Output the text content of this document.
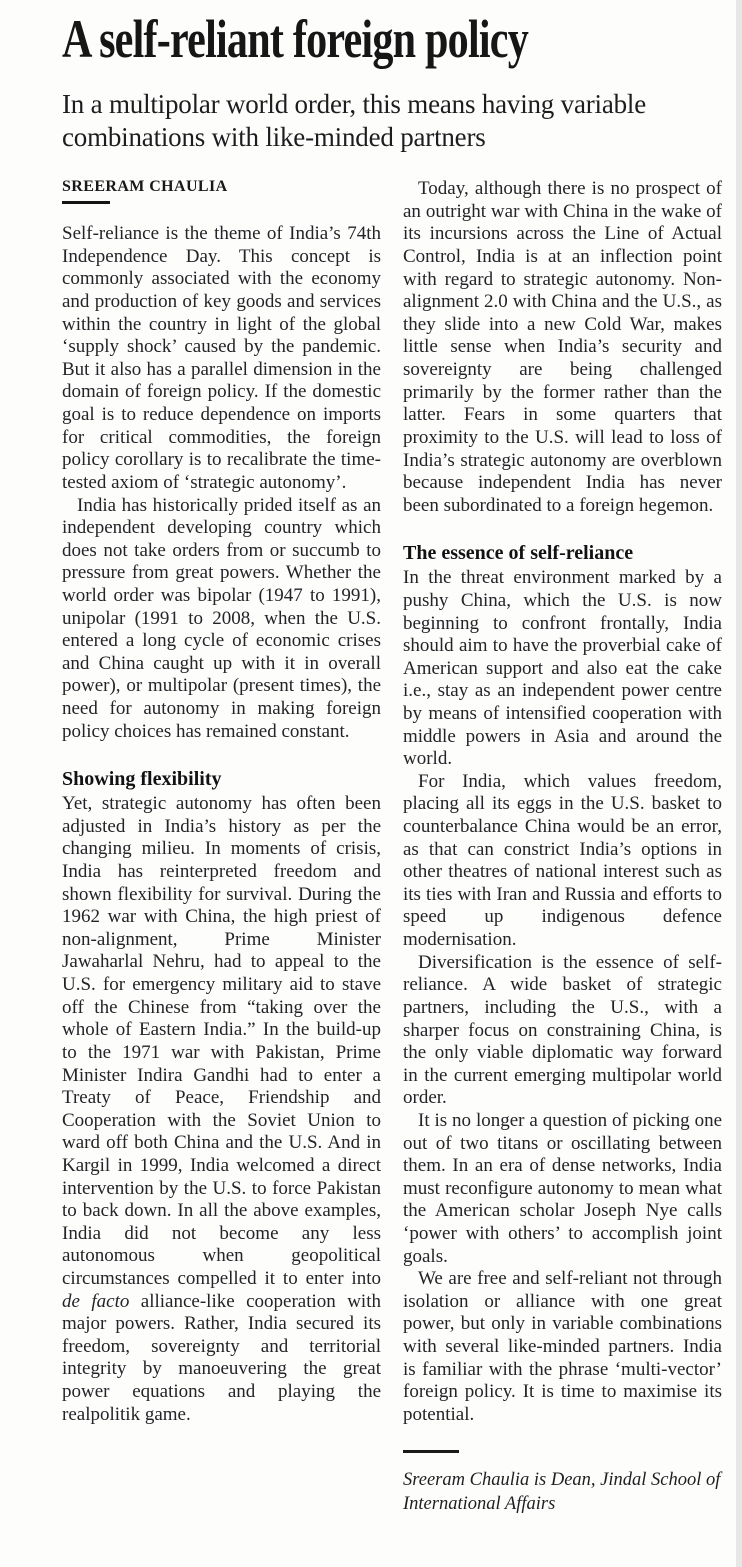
A self-reliant foreign policy
In a multipolar world order, this means having variable combinations with like-minded partners
SREERAM CHAULIA

Self-reliance is the theme of India’s 74th Independence Day. This concept is commonly associated with the economy and production of key goods and services within the country in light of the global ‘supply shock’ caused by the pandemic. But it also has a parallel dimension in the domain of foreign policy. If the domestic goal is to reduce dependence on imports for critical commodities, the foreign policy corollary is to recalibrate the time-tested axiom of ‘strategic autonomy’.

India has historically prided itself as an independent developing country which does not take orders from or succumb to pressure from great powers. Whether the world order was bipolar (1947 to 1991), unipolar (1991 to 2008, when the U.S. entered a long cycle of economic crises and China caught up with it in overall power), or multipolar (present times), the need for autonomy in making foreign policy choices has remained constant.

Showing flexibility

Yet, strategic autonomy has often been adjusted in India’s history as per the changing milieu. In moments of crisis, India has reinterpreted freedom and shown flexibility for survival. During the 1962 war with China, the high priest of non-alignment, Prime Minister Jawaharlal Nehru, had to appeal to the U.S. for emergency military aid to stave off the Chinese from “taking over the whole of Eastern India.” In the build-up to the 1971 war with Pakistan, Prime Minister Indira Gandhi had to enter a Treaty of Peace, Friendship and Cooperation with the Soviet Union to ward off both China and the U.S. And in Kargil in 1999, India welcomed a direct intervention by the U.S. to force Pakistan to back down. In all the above examples, India did not become any less autonomous when geopolitical circumstances compelled it to enter into de facto alliance-like cooperation with major powers. Rather, India secured its freedom, sovereignty and territorial integrity by manoeuvering the great power equations and playing the realpolitik game.

Today, although there is no prospect of an outright war with China in the wake of its incursions across the Line of Actual Control, India is at an inflection point with regard to strategic autonomy. Non-alignment 2.0 with China and the U.S., as they slide into a new Cold War, makes little sense when India’s security and sovereignty are being challenged primarily by the former rather than the latter. Fears in some quarters that proximity to the U.S. will lead to loss of India’s strategic autonomy are overblown because independent India has never been subordinated to a foreign hegemon.

The essence of self-reliance

In the threat environment marked by a pushy China, which the U.S. is now beginning to confront frontally, India should aim to have the proverbial cake of American support and also eat the cake i.e., stay as an independent power centre by means of intensified cooperation with middle powers in Asia and around the world.

For India, which values freedom, placing all its eggs in the U.S. basket to counterbalance China would be an error, as that can constrict India’s options in other theatres of national interest such as its ties with Iran and Russia and efforts to speed up indigenous defence modernisation.

Diversification is the essence of self-reliance. A wide basket of strategic partners, including the U.S., with a sharper focus on constraining China, is the only viable diplomatic way forward in the current emerging multipolar world order.

It is no longer a question of picking one out of two titans or oscillating between them. In an era of dense networks, India must reconfigure autonomy to mean what the American scholar Joseph Nye calls ‘power with others’ to accomplish joint goals.

We are free and self-reliant not through isolation or alliance with one great power, but only in variable combinations with several like-minded partners. India is familiar with the phrase ‘multi-vector’ foreign policy. It is time to maximise its potential.

Sreeram Chaulia is Dean, Jindal School of International Affairs
